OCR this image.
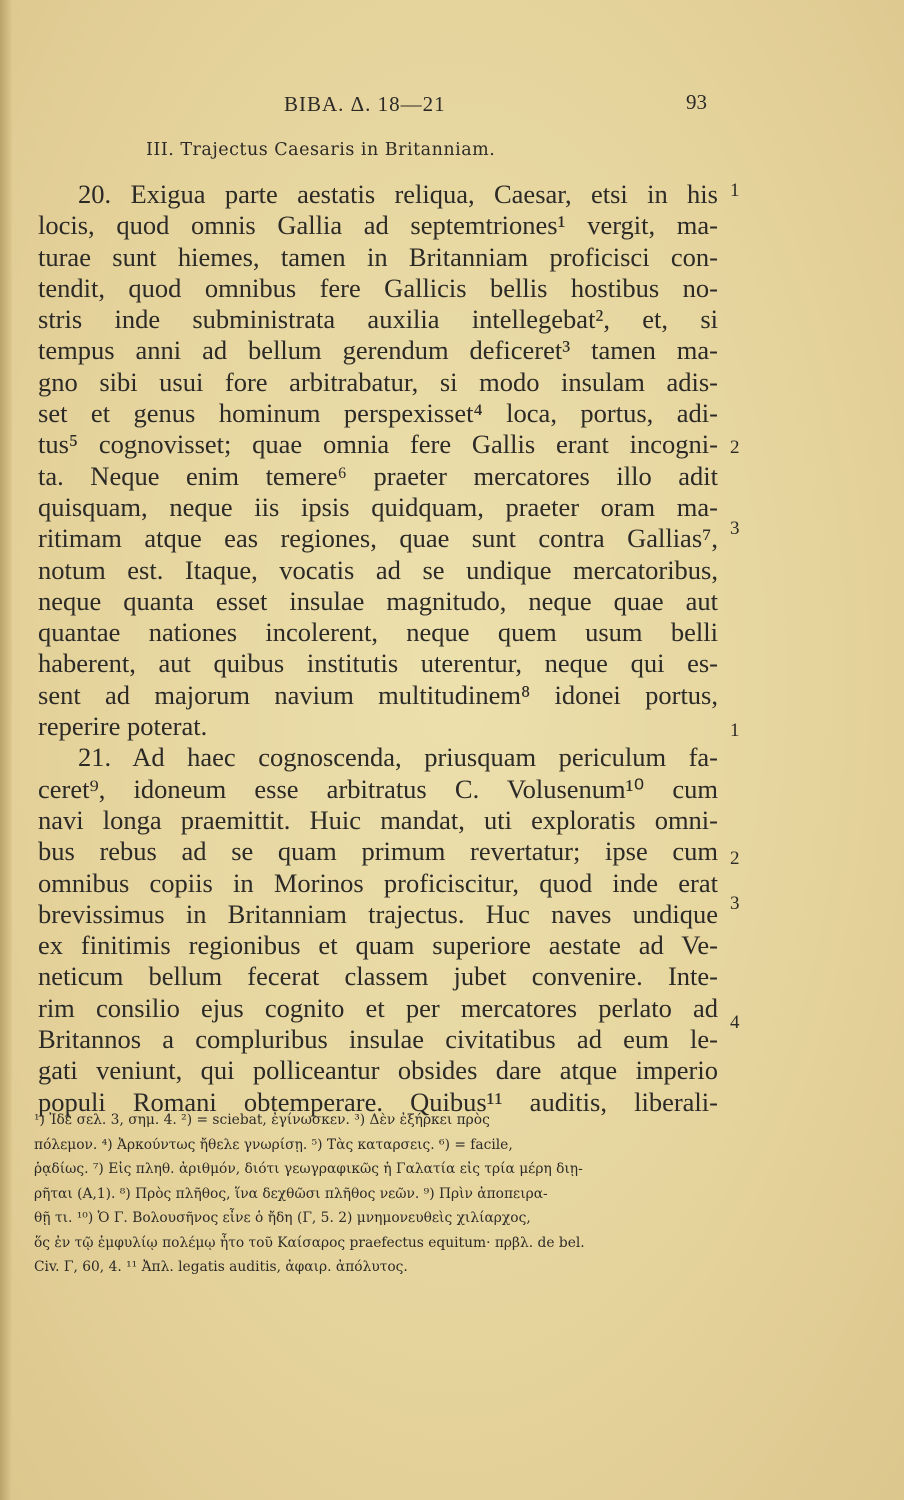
BIBA. Δ. 18—21	93
III. Trajectus Caesaris in Britanniam.
20. Exigua parte aestatis reliqua, Caesar, etsi in his
locis, quod omnis Gallia ad septemtriones¹ vergit, ma-
turae sunt hiemes, tamen in Britanniam proficisci con-
tendit, quod omnibus fere Gallicis bellis hostibus no-
stris inde subministrata auxilia intellegebat², et, si
tempus anni ad bellum gerendum deficeret³ tamen ma-
gno sibi usui fore arbitrabatur, si modo insulam adis-
set et genus hominum perspexisset⁴ loca, portus, adi-
tus⁵ cognovisset; quae omnia fere Gallis erant incogni-
ta. Neque enim temere⁶ praeter mercatores illo adit
quisquam, neque iis ipsis quidquam, praeter oram ma-
ritimam atque eas regiones, quae sunt contra Gallias⁷,
notum est. Itaque, vocatis ad se undique mercatoribus,
neque quanta esset insulae magnitudo, neque quae aut
quantae nationes incolerent, neque quem usum belli
haberent, aut quibus institutis uterentur, neque qui es-
sent ad majorum navium multitudinem⁸ idonei portus,
reperire poterat.
21. Ad haec cognoscenda, priusquam periculum fa-
ceret⁹, idoneum esse arbitratus C. Volusenum¹⁰ cum
navi longa praemittit. Huic mandat, uti exploratis omni-
bus rebus ad se quam primum revertatur; ipse cum
omnibus copiis in Morinos proficiscitur, quod inde erat
brevissimus in Britanniam trajectus. Huc naves undique
ex finitimis regionibus et quam superiore aestate ad Ve-
neticum bellum fecerat classem jubet convenire. Inte-
rim consilio ejus cognito et per mercatores perlato ad
Britannos a compluribus insulae civitatibus ad eum le-
gati veniunt, qui polliceantur obsides dare atque imperio
populi Romani obtemperare. Quibus¹¹ auditis, liberali-
1
2
3
1
2
3
4
¹) Ἰδὲ σελ. 3, σημ. 4. ²) = sciebat, ἐγίνωσκεν. ³) Δὲν ἐξήρκει πρὸς
πόλεμον. ⁴) Ἀρκούντως ἤθελε γνωρίσῃ. ⁵) Τὰς καταρσεις. ⁶) = facile,
ῥᾳδίως. ⁷) Εἰς πληθ. ἀριθμόν, διότι γεωγραφικῶς ἡ Γαλατία εἰς τρία μέρη διῃ-
ρῆται (Α,1). ⁸) Πρὸς πλῆθος, ἵνα δεχθῶσι πλῆθος νεῶν. ⁹) Πρὶν ἀποπειρα-
θῇ τι. ¹⁰) Ὁ Γ. Βολουσῆνος εἶνε ὁ ἤδη (Γ, 5. 2) μνημονευθεὶς χιλίαρχος,
ὅς ἐν τῷ ἐμφυλίῳ πολέμῳ ἦτο τοῦ Καίσαρος praefectus equitum· πρβλ. de bel.
Civ. Γ, 60, 4. ¹¹ Ἀπλ. legatis auditis, ἀφαιρ. ἀπόλυτος.
